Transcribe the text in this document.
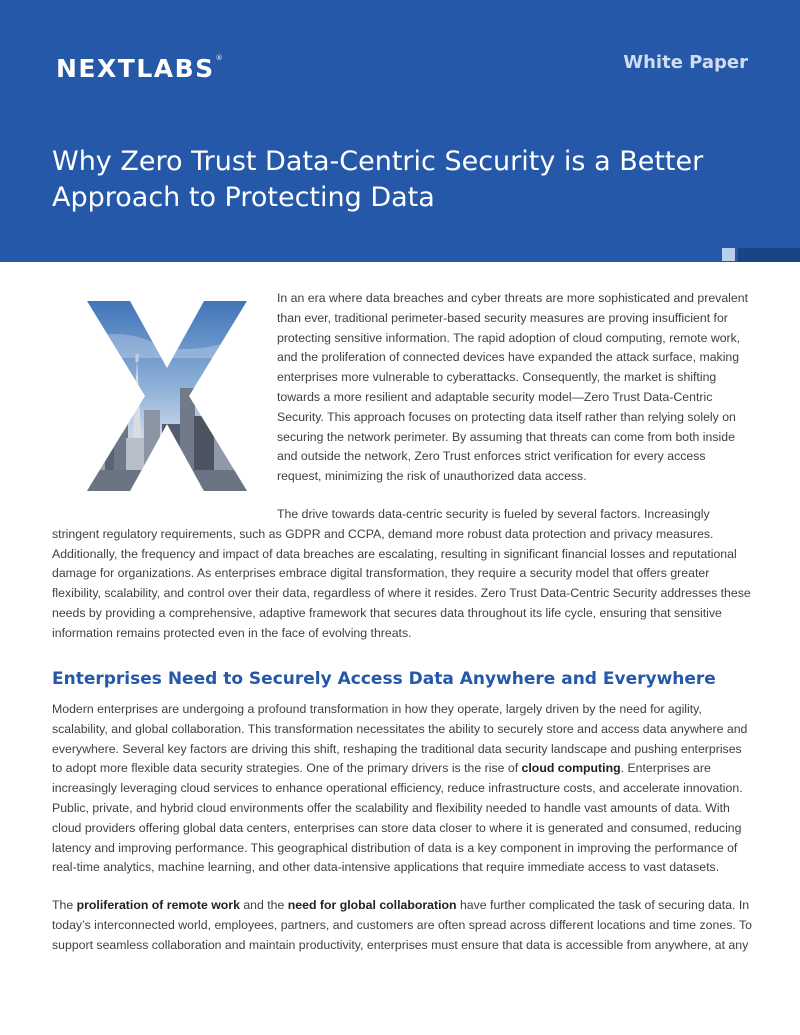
NEXTLABS®	White Paper
Why Zero Trust Data-Centric Security is a Better Approach to Protecting Data

In an era where data breaches and cyber threats are more sophisticated and prevalent than ever, traditional perimeter-based security measures are proving insufficient for protecting sensitive information. The rapid adoption of cloud computing, remote work, and the proliferation of connected devices have expanded the attack surface, making enterprises more vulnerable to cyberattacks. Consequently, the market is shifting towards a more resilient and adaptable security model—Zero Trust Data-Centric Security. This approach focuses on protecting data itself rather than relying solely on securing the network perimeter. By assuming that threats can come from both inside and outside the network, Zero Trust enforces strict verification for every access request, minimizing the risk of unauthorized data access.

The drive towards data-centric security is fueled by several factors. Increasingly stringent regulatory requirements, such as GDPR and CCPA, demand more robust data protection and privacy measures. Additionally, the frequency and impact of data breaches are escalating, resulting in significant financial losses and reputational damage for organizations. As enterprises embrace digital transformation, they require a security model that offers greater flexibility, scalability, and control over their data, regardless of where it resides. Zero Trust Data-Centric Security addresses these needs by providing a comprehensive, adaptive framework that secures data throughout its life cycle, ensuring that sensitive information remains protected even in the face of evolving threats.

Enterprises Need to Securely Access Data Anywhere and Everywhere

Modern enterprises are undergoing a profound transformation in how they operate, largely driven by the need for agility, scalability, and global collaboration. This transformation necessitates the ability to securely store and access data anywhere and everywhere. Several key factors are driving this shift, reshaping the traditional data security landscape and pushing enterprises to adopt more flexible data security strategies. One of the primary drivers is the rise of cloud computing. Enterprises are increasingly leveraging cloud services to enhance operational efficiency, reduce infrastructure costs, and accelerate innovation. Public, private, and hybrid cloud environments offer the scalability and flexibility needed to handle vast amounts of data. With cloud providers offering global data centers, enterprises can store data closer to where it is generated and consumed, reducing latency and improving performance. This geographical distribution of data is a key component in improving the performance of real-time analytics, machine learning, and other data-intensive applications that require immediate access to vast datasets.

The proliferation of remote work and the need for global collaboration have further complicated the task of securing data. In today’s interconnected world, employees, partners, and customers are often spread across different locations and time zones. To support seamless collaboration and maintain productivity, enterprises must ensure that data is accessible from anywhere, at any
